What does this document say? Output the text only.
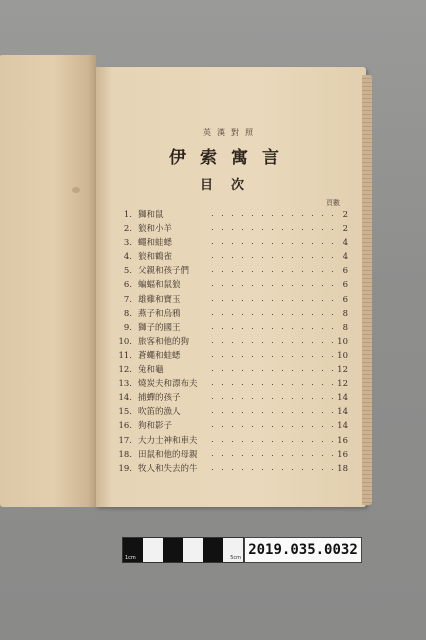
英漢對照
伊索寓言
目次
頁數
1. 獅和鼠	2
2. 狼和小羊	2
3. 蠅和蛙蟋	4
4. 狼和鶴雀	4
5. 父親和孩子們	6
6. 蝙蝠和鼠狼	6
7. 雄雞和寶玉	6
8. 燕子和烏鴉	8
9. 獅子的國王	8
10. 旅客和他的狗	10
11. 蒼蠅和蛙蟋	10
12. 兔和龜	12
13. 燒炭夫和漂布夫	12
14. 捕蟬的孩子	14
15. 吹笛的漁人	14
16. 狗和影子	14
17. 大力士神和車夫	16
18. 田鼠和他的母親	16
19. 牧人和失去的牛	18
1cm	5cm 2019.035.0032
